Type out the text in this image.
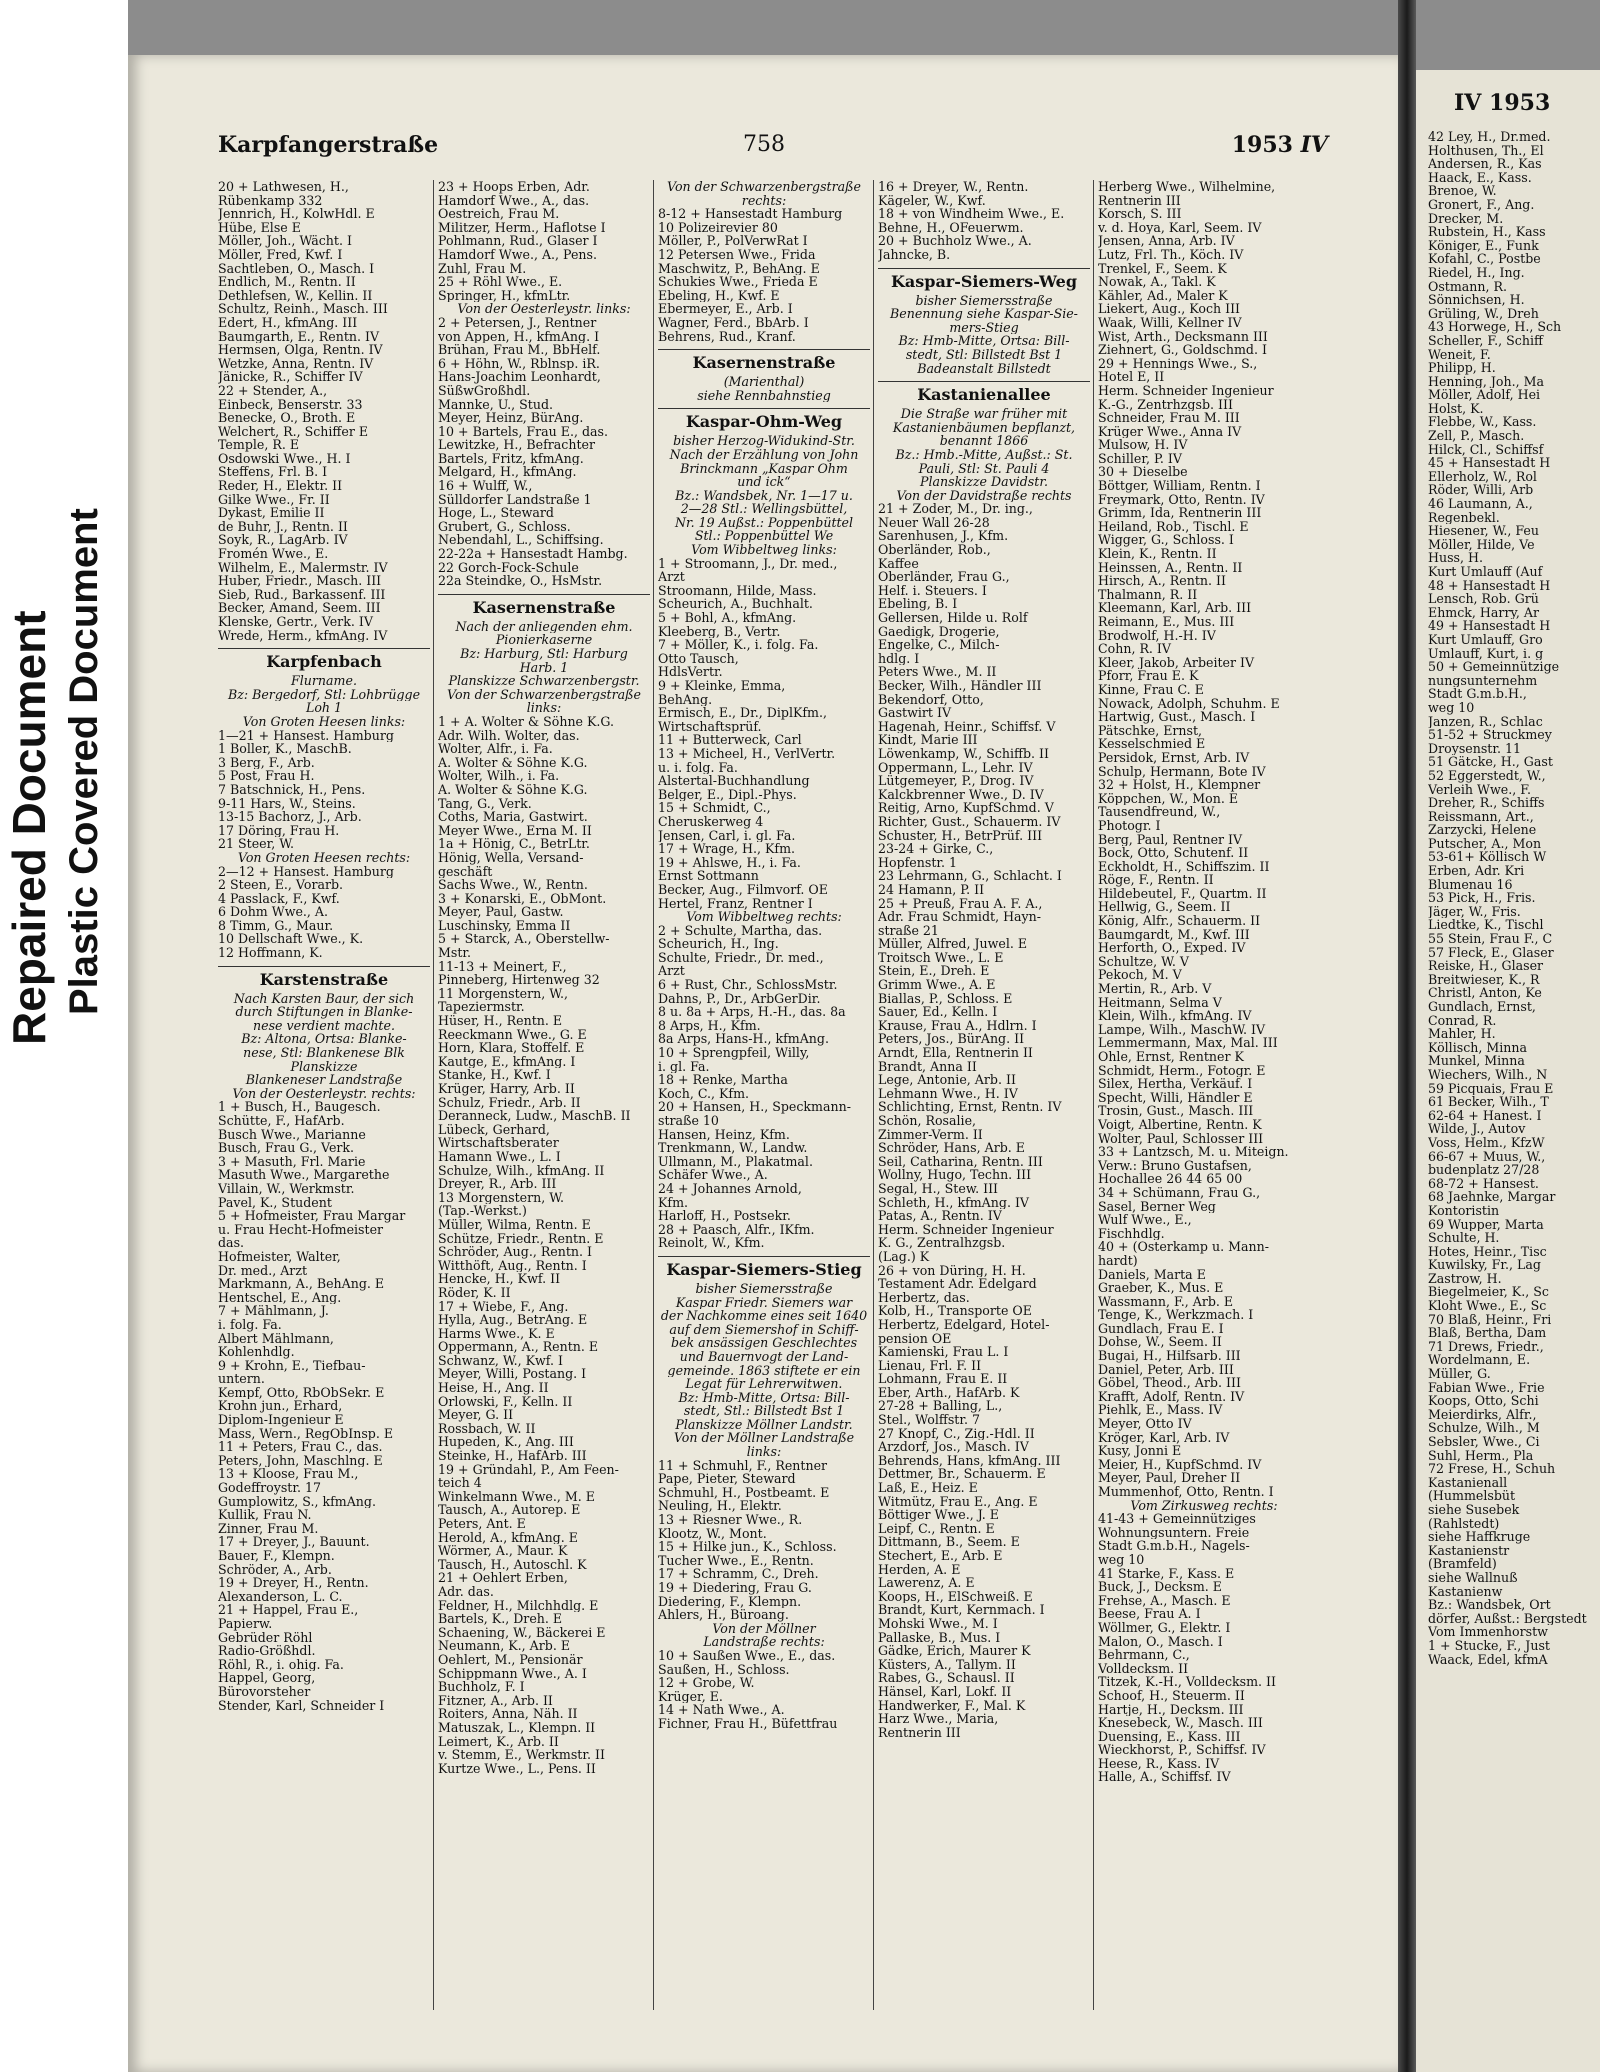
Repaired Document Plastic Covered Document
Karpfangerstraße	758	1953 IV
20 + Lathwesen, H.,
Rübenkamp 332
Jennrich, H., KolwHdl. E
Hübe, Else E
Möller, Joh., Wächt. I
Möller, Fred, Kwf. I
Sachtleben, O., Masch. I
Endlich, M., Rentn. II
Dethlefsen, W., Kellin. II
Schultz, Reinh., Masch. III
Edert, H., kfmAng. III
Baumgarth, E., Rentn. IV
Hermsen, Olga, Rentn. IV
Wetzke, Anna, Rentn. IV
Jänicke, R., Schiffer IV
22 + Stender, A.,
Einbeck, Benserstr. 33
Benecke, O., Broth. E
Welchert, R., Schiffer E
Temple, R. E
Osdowski Wwe., H. I
Steffens, Frl. B. I
Reder, H., Elektr. II
Gilke Wwe., Fr. II
Dykast, Emilie II
de Buhr, J., Rentn. II
Soyk, R., LagArb. IV
Fromén Wwe., E.
Wilhelm, E., Malermstr. IV
Huber, Friedr., Masch. III
Sieb, Rud., Barkassenf. III
Becker, Amand, Seem. III
Klenske, Gertr., Verk. IV
Wrede, Herm., kfmAng. IV
Karpfenbach
Flurname.
Bz: Bergedorf, Stl: Lohbrügge
Loh 1
Von Groten Heesen links:
1—21 + Hansest. Hamburg
1 Boller, K., MaschB.
3 Berg, F., Arb.
5 Post, Frau H.
7 Batschnick, H., Pens.
9-11 Hars, W., Steins.
13-15 Bachorz, J., Arb.
17 Döring, Frau H.
21 Steer, W.
Von Groten Heesen rechts:
2—12 + Hansest. Hamburg
2 Steen, E., Vorarb.
4 Passlack, F., Kwf.
6 Dohm Wwe., A.
8 Timm, G., Maur.
10 Dellschaft Wwe., K.
12 Hoffmann, K.
Karstenstraße
Nach Karsten Baur, der sich
durch Stiftungen in Blanke-
nese verdient machte.
Bz: Altona, Ortsa: Blanke-
nese, Stl: Blankenese Blk
Planskizze
Blankeneser Landstraße
Von der Oesterleystr. rechts:
1 + Busch, H., Baugesch.
Schütte, F., HafArb.
Busch Wwe., Marianne
Busch, Frau G., Verk.
3 + Masuth, Frl. Marie
Masuth Wwe., Margarethe
Villain, W., Werkmstr.
Pavel, K., Student
5 + Hofmeister, Frau Margar
u. Frau Hecht-Hofmeister
das.
Hofmeister, Walter,
Dr. med., Arzt
Markmann, A., BehAng. E
Hentschel, E., Ang.
7 + Mählmann, J.
i. folg. Fa.
Albert Mählmann,
Kohlenhdlg.
9 + Krohn, E., Tiefbau-
untern.
Kempf, Otto, RbObSekr. E
Krohn jun., Erhard,
Diplom-Ingenieur E
Mass, Wern., RegObInsp. E
11 + Peters, Frau C., das.
Peters, John, Maschlng. E
13 + Kloose, Frau M.,
Godeffroystr. 17
Gumplowitz, S., kfmAng.
Kullik, Frau N.
Zinner, Frau M.
17 + Dreyer, J., Bauunt.
Bauer, F., Klempn.
Schröder, A., Arb.
19 + Dreyer, H., Rentn.
Alexanderson, L. C.
21 + Happel, Frau E.,
Papierw.
Gebrüder Röhl
Radio-Größhdl.
Röhl, R., i. ohig. Fa.
Happel, Georg,
Bürovorsteher
Stender, Karl, Schneider I
23 + Hoops Erben, Adr.
Hamdorf Wwe., A., das.
Oestreich, Frau M.
Militzer, Herm., Haflotse I
Pohlmann, Rud., Glaser I
Hamdorf Wwe., A., Pens.
Zuhl, Frau M.
25 + Röhl Wwe., E.
Springer, H., kfmLtr.
Von der Oesterleystr. links:
2 + Petersen, J., Rentner
von Appen, H., kfmAng. I
Brühan, Frau M., BbHelf.
6 + Höhn, W., Rblnsp. iR.
Hans-Joachim Leonhardt,
SüßwGroßhdl.
Mannke, U., Stud.
Meyer, Heinz, BürAng.
10 + Bartels, Frau E., das.
Lewitzke, H., Befrachter
Bartels, Fritz, kfmAng.
Melgard, H., kfmAng.
16 + Wulff, W.,
Sülldorfer Landstraße 1
Hoge, L., Steward
Grubert, G., Schloss.
Nebendahl, L., Schiffsing.
22-22a + Hansestadt Hambg.
22 Gorch-Fock-Schule
22a Steindke, O., HsMstr.
Kasernenstraße
Nach der anliegenden ehm.
Pionierkaserne
Bz: Harburg, Stl: Harburg
Harb. 1
Planskizze Schwarzenbergstr.
Von der Schwarzenbergstraße
links:
1 + A. Wolter & Söhne K.G.
Adr. Wilh. Wolter, das.
Wolter, Alfr., i. Fa.
A. Wolter & Söhne K.G.
Wolter, Wilh., i. Fa.
A. Wolter & Söhne K.G.
Tang, G., Verk.
Coths, Maria, Gastwirt.
Meyer Wwe., Erna M. II
1a + Hönig, C., BetrLtr.
Hönig, Wella, Versand-
geschäft
Sachs Wwe., W., Rentn.
3 + Konarski, E., ObMont.
Meyer, Paul, Gastw.
Luschinsky, Emma II
5 + Starck, A., Oberstellw-
Mstr.
11-13 + Meinert, F.,
Pinneberg, Hirtenweg 32
11 Morgenstern, W.,
Tapeziermstr.
Hüser, H., Rentn. E
Reeckmann Wwe., G. E
Horn, Klara, Stoffelf. E
Kautge, E., kfmAng. I
Stanke, H., Kwf. I
Krüger, Harry, Arb. II
Schulz, Friedr., Arb. II
Deranneck, Ludw., MaschB. II
Lübeck, Gerhard,
Wirtschaftsberater
Hamann Wwe., L. I
Schulze, Wilh., kfmAng. II
Dreyer, R., Arb. III
13 Morgenstern, W.
(Tap.-Werkst.)
Müller, Wilma, Rentn. E
Schütze, Friedr., Rentn. E
Schröder, Aug., Rentn. I
Witthöft, Aug., Rentn. I
Hencke, H., Kwf. II
Röder, K. II
17 + Wiebe, F., Ang.
Hylla, Aug., BetrAng. E
Harms Wwe., K. E
Oppermann, A., Rentn. E
Schwanz, W., Kwf. I
Meyer, Willi, Postang. I
Heise, H., Ang. II
Orlowski, F., Kelln. II
Meyer, G. II
Rossbach, W. II
Hupeden, K., Ang. III
Steinke, H., HafArb. III
19 + Gründahl, P., Am Feen-
teich 4
Winkelmann Wwe., M. E
Tausch, A., Autorep. E
Peters, Ant. E
Herold, A., kfmAng. E
Wörmer, A., Maur. K
Tausch, H., Autoschl. K
21 + Oehlert Erben,
Adr. das.
Feldner, H., Milchhdlg. E
Bartels, K., Dreh. E
Schaening, W., Bäckerei E
Neumann, K., Arb. E
Oehlert, M., Pensionär
Schippmann Wwe., A. I
Buchholz, F. I
Fitzner, A., Arb. II
Roiters, Anna, Näh. II
Matuszak, L., Klempn. II
Leimert, K., Arb. II
v. Stemm, E., Werkmstr. II
Kurtze Wwe., L., Pens. II
Von der Schwarzenbergstraße
rechts:
8-12 + Hansestadt Hamburg
10 Polizeirevier 80
Möller, P., PolVerwRat I
12 Petersen Wwe., Frida
Maschwitz, P., BehAng. E
Schukies Wwe., Frieda E
Ebeling, H., Kwf. E
Ebermeyer, E., Arb. I
Wagner, Ferd., BbArb. I
Behrens, Rud., Kranf.
Kasernenstraße
(Marienthal)
siehe Rennbahnstieg
Kaspar-Ohm-Weg
bisher Herzog-Widukind-Str.
Nach der Erzählung von John
Brinckmann „Kaspar Ohm
und ick“
Bz.: Wandsbek, Nr. 1—17 u.
2—28 Stl.: Wellingsbüttel,
Nr. 19 Außst.: Poppenbüttel
Stl.: Poppenbüttel We
Vom Wibbeltweg links:
1 + Stroomann, J., Dr. med.,
Arzt
Stroomann, Hilde, Mass.
Scheurich, A., Buchhalt.
5 + Bohl, A., kfmAng.
Kleeberg, B., Vertr.
7 + Möller, K., i. folg. Fa.
Otto Tausch,
HdlsVertr.
9 + Kleinke, Emma,
BehAng.
Ermisch, E., Dr., DiplKfm.,
Wirtschaftsprüf.
11 + Butterweck, Carl
13 + Micheel, H., VerlVertr.
u. i. folg. Fa.
Alstertal-Buchhandlung
Belger, E., Dipl.-Phys.
15 + Schmidt, C.,
Cheruskerweg 4
Jensen, Carl, i. gl. Fa.
17 + Wrage, H., Kfm.
19 + Ahlswe, H., i. Fa.
Ernst Sottmann
Becker, Aug., Filmvorf. OE
Hertel, Franz, Rentner I
Vom Wibbeltweg rechts:
2 + Schulte, Martha, das.
Scheurich, H., Ing.
Schulte, Friedr., Dr. med.,
Arzt
6 + Rust, Chr., SchlossMstr.
Dahns, P., Dr., ArbGerDir.
8 u. 8a + Arps, H.-H., das. 8a
8 Arps, H., Kfm.
8a Arps, Hans-H., kfmAng.
10 + Sprengpfeil, Willy,
i. gl. Fa.
18 + Renke, Martha
Koch, C., Kfm.
20 + Hansen, H., Speckmann-
straße 10
Hansen, Heinz, Kfm.
Trenkmann, W., Landw.
Ullmann, M., Plakatmal.
Schäfer Wwe., A.
24 + Johannes Arnold,
Kfm.
Harloff, H., Postsekr.
28 + Paasch, Alfr., IKfm.
Reinolt, W., Kfm.
Kaspar-Siemers-Stieg
bisher Siemersstraße
Kaspar Friedr. Siemers war
der Nachkomme eines seit 1640
auf dem Siemershof in Schiff-
bek ansässigen Geschlechtes
und Bauernvogt der Land-
gemeinde. 1863 stiftete er ein
Legat für Lehrerwitwen.
Bz: Hmb-Mitte, Ortsa: Bill-
stedt, Stl.: Billstedt Bst 1
Planskizze Möllner Landstr.
Von der Möllner Landstraße
links:
11 + Schmuhl, F., Rentner
Pape, Pieter, Steward
Schmuhl, H., Postbeamt. E
Neuling, H., Elektr.
13 + Riesner Wwe., R.
Klootz, W., Mont.
15 + Hilke jun., K., Schloss.
Tucher Wwe., E., Rentn.
17 + Schramm, C., Dreh.
19 + Diedering, Frau G.
Diedering, F., Klempn.
Ahlers, H., Büroang.
Von der Möllner
Landstraße rechts:
10 + Saußen Wwe., E., das.
Saußen, H., Schloss.
12 + Grobe, W.
Krüger, E.
14 + Nath Wwe., A.
Fichner, Frau H., Büfettfrau
16 + Dreyer, W., Rentn.
Kägeler, W., Kwf.
18 + von Windheim Wwe., E.
Behne, H., OFeuerwm.
20 + Buchholz Wwe., A.
Jahncke, B.
Kaspar-Siemers-Weg
bisher Siemersstraße
Benennung siehe Kaspar-Sie-
mers-Stieg
Bz: Hmb-Mitte, Ortsa: Bill-
stedt, Stl: Billstedt Bst 1
Badeanstalt Billstedt
Kastanienallee
Die Straße war früher mit
Kastanienbäumen bepflanzt,
benannt 1866
Bz.: Hmb.-Mitte, Außst.: St.
Pauli, Stl: St. Pauli 4
Planskizze Davidstr.
Von der Davidstraße rechts
21 + Zoder, M., Dr. ing.,
Neuer Wall 26-28
Sarenhusen, J., Kfm.
Oberländer, Rob.,
Kaffee
Oberländer, Frau G.,
Helf. i. Steuers. I
Ebeling, B. I
Gellersen, Hilde u. Rolf
Gaedigk, Drogerie,
Engelke, C., Milch-
hdlg. I
Peters Wwe., M. II
Becker, Wilh., Händler III
Bekendorf, Otto,
Gastwirt IV
Hagenah, Heinr., Schiffsf. V
Kindt, Marie III
Löwenkamp, W., Schiffb. II
Oppermann, L., Lehr. IV
Lütgemeyer, P., Drog. IV
Kalckbrenner Wwe., D. IV
Reitig, Arno, KupfSchmd. V
Richter, Gust., Schauerm. IV
Schuster, H., BetrPrüf. III
23-24 + Girke, C.,
Hopfenstr. 1
23 Lehrmann, G., Schlacht. I
24 Hamann, P. II
25 + Preuß, Frau A. F. A.,
Adr. Frau Schmidt, Hayn-
straße 21
Müller, Alfred, Juwel. E
Troitsch Wwe., L. E
Stein, E., Dreh. E
Grimm Wwe., A. E
Biallas, P., Schloss. E
Sauer, Ed., Kelln. I
Krause, Frau A., Hdlrn. I
Peters, Jos., BürAng. II
Arndt, Ella, Rentnerin II
Brandt, Anna II
Lege, Antonie, Arb. II
Lehmann Wwe., H. IV
Schlichting, Ernst, Rentn. IV
Schön, Rosalie,
Zimmer-Verm. II
Schröder, Hans, Arb. E
Seil, Catharina, Rentn. III
Wollny, Hugo, Techn. III
Segal, H., Stew. III
Schleth, H., kfmAng. IV
Patas, A., Rentn. IV
Herm. Schneider Ingenieur
K. G., Zentralhzgsb.
(Lag.) K
26 + von Düring, H. H.
Testament Adr. Edelgard
Herbertz, das.
Kolb, H., Transporte OE
Herbertz, Edelgard, Hotel-
pension OE
Kamienski, Frau L. I
Lienau, Frl. F. II
Lohmann, Frau E. II
Eber, Arth., HafArb. K
27-28 + Balling, L.,
Stel., Wolffstr. 7
27 Knopf, C., Zig.-Hdl. II
Arzdorf, Jos., Masch. IV
Behrends, Hans, kfmAng. III
Dettmer, Br., Schauerm. E
Laß, E., Heiz. E
Witmütz, Frau E., Ang. E
Böttiger Wwe., J. E
Leipf, C., Rentn. E
Dittmann, B., Seem. E
Stechert, E., Arb. E
Herden, A. E
Lawerenz, A. E
Koops, H., ElSchweiß. E
Brandt, Kurt, Kernmach. I
Mohski Wwe., M. I
Pallaske, B., Mus. I
Gädke, Erich, Maurer K
Küsters, A., Tallym. II
Rabes, G., Schausl. II
Hänsel, Karl, Lokf. II
Handwerker, F., Mal. K
Harz Wwe., Maria,
Rentnerin III
Herberg Wwe., Wilhelmine,
Rentnerin III
Korsch, S. III
v. d. Hoya, Karl, Seem. IV
Jensen, Anna, Arb. IV
Lutz, Frl. Th., Köch. IV
Trenkel, F., Seem. K
Nowak, A., Takl. K
Kähler, Ad., Maler K
Liekert, Aug., Koch III
Waak, Willi, Kellner IV
Wist, Arth., Decksmann III
Ziehnert, G., Goldschmd. I
29 + Hennings Wwe., S.,
Hotel E, II
Herm. Schneider Ingenieur
K.-G., Zentrhzgsb. III
Schneider, Frau M. III
Krüger Wwe., Anna IV
Mulsow, H. IV
Schiller, P. IV
30 + Dieselbe
Böttger, William, Rentn. I
Freymark, Otto, Rentn. IV
Grimm, Ida, Rentnerin III
Heiland, Rob., Tischl. E
Wigger, G., Schloss. I
Klein, K., Rentn. II
Heinssen, A., Rentn. II
Hirsch, A., Rentn. II
Thalmann, R. II
Kleemann, Karl, Arb. III
Reimann, E., Mus. III
Brodwolf, H.-H. IV
Cohn, R. IV
Kleer, Jakob, Arbeiter IV
Pforr, Frau E. K
Kinne, Frau C. E
Nowack, Adolph, Schuhm. E
Hartwig, Gust., Masch. I
Pätschke, Ernst,
Kesselschmied E
Persidok, Ernst, Arb. IV
Schulp, Hermann, Bote IV
32 + Holst, H., Klempner
Köppchen, W., Mon. E
Tausendfreund, W.,
Photogr. I
Berg, Paul, Rentner IV
Bock, Otto, Schutenf. II
Eckholdt, H., Schiffszim. II
Röge, F., Rentn. II
Hildebeutel, F., Quartm. II
Hellwig, G., Seem. II
König, Alfr., Schauerm. II
Baumgardt, M., Kwf. III
Herforth, O., Exped. IV
Schultze, W. V
Pekoch, M. V
Mertin, R., Arb. V
Heitmann, Selma V
Klein, Wilh., kfmAng. IV
Lampe, Wilh., MaschW. IV
Lemmermann, Max, Mal. III
Ohle, Ernst, Rentner K
Schmidt, Herm., Fotogr. E
Silex, Hertha, Verkäuf. I
Specht, Willi, Händler E
Trosin, Gust., Masch. III
Voigt, Albertine, Rentn. K
Wolter, Paul, Schlosser III
33 + Lantzsch, M. u. Miteign.
Verw.: Bruno Gustafsen,
Hochallee 26 44 65 00
34 + Schümann, Frau G.,
Sasel, Berner Weg
Wulf Wwe., E.,
Fischhdlg.
40 + (Osterkamp u. Mann-
hardt)
Daniels, Marta E
Graeber, K., Mus. E
Wassmann, F., Arb. E
Tenge, K., Werkzmach. I
Gundlach, Frau E. I
Dohse, W., Seem. II
Bugai, H., Hilfsarb. III
Daniel, Peter, Arb. III
Göbel, Theod., Arb. III
Krafft, Adolf, Rentn. IV
Piehlk, E., Mass. IV
Meyer, Otto IV
Kröger, Karl, Arb. IV
Kusy, Jonni E
Meier, H., KupfSchmd. IV
Meyer, Paul, Dreher II
Mummenhof, Otto, Rentn. I
Vom Zirkusweg rechts:
41-43 + Gemeinnütziges
Wohnungsuntern. Freie
Stadt G.m.b.H., Nagels-
weg 10
41 Starke, F., Kass. E
Buck, J., Decksm. E
Frehse, A., Masch. E
Beese, Frau A. I
Wöllmer, G., Elektr. I
Malon, O., Masch. I
Behrmann, C.,
Volldecksm. II
Titzek, K.-H., Volldecksm. II
Schoof, H., Steuerm. II
Hartje, H., Decksm. III
Knesebeck, W., Masch. III
Duensing, E., Kass. III
Wieckhorst, P., Schiffsf. IV
Heese, R., Kass. IV
Halle, A., Schiffsf. IV
IV 1953
42 Ley, H., Dr.med.
Holthusen, Th., El
Andersen, R., Kas
Haack, E., Kass.
Brenoe, W.
Gronert, F., Ang.
Drecker, M.
Rubstein, H., Kass
Königer, E., Funk
Kofahl, C., Postbe
Riedel, H., Ing.
Ostmann, R.
Sönnichsen, H.
Grüling, W., Dreh
43 Horwege, H., Sch
Scheller, F., Schiff
Weneit, F.
Philipp, H.
Henning, Joh., Ma
Möller, Adolf, Hei
Holst, K.
Flebbe, W., Kass.
Zell, P., Masch.
Hilck, Cl., Schiffsf
45 + Hansestadt H
Ellerholz, W., Rol
Röder, Willi, Arb
46 Laumann, A.,
Regenbekl.
Hiesener, W., Feu
Möller, Hilde, Ve
Huss, H.
Kurt Umlauff (Auf
48 + Hansestadt H
Lensch, Rob. Grü
Ehmck, Harry, Ar
49 + Hansestadt H
Kurt Umlauff, Gro
Umlauff, Kurt, i. g
50 + Gemeinnützige
nungsunternehm
Stadt G.m.b.H.,
weg 10
Janzen, R., Schlac
51-52 + Struckmey
Droysenstr. 11
51 Gätcke, H., Gast
52 Eggerstedt, W.,
Verleih Wwe., F.
Dreher, R., Schiffs
Reissmann, Art.,
Zarzycki, Helene
Putscher, A., Mon
53-61+ Köllisch W
Erben, Adr. Kri
Blumenau 16
53 Pick, H., Fris.
Jäger, W., Fris.
Liedtke, K., Tischl
55 Stein, Frau F., C
57 Fleck, E., Glaser
Reiske, H., Glaser
Breitwieser, K., R
Christl, Anton, Ke
Gundlach, Ernst,
Conrad, R.
Mahler, H.
Köllisch, Minna
Munkel, Minna
Wiechers, Wilh., N
59 Picquais, Frau E
61 Becker, Wilh., T
62-64 + Hanest. I
Wilde, J., Autov
Voss, Helm., KfzW
66-67 + Muus, W.,
budenplatz 27/28
68-72 + Hansest.
68 Jaehnke, Margar
Kontoristin
69 Wupper, Marta
Schulte, H.
Hotes, Heinr., Tisc
Kuwilsky, Fr., Lag
Zastrow, H.
Biegelmeier, K., Sc
Kloht Wwe., E., Sc
70 Blaß, Heinr., Fri
Blaß, Bertha, Dam
71 Drews, Friedr.,
Wordelmann, E.
Müller, G.
Fabian Wwe., Frie
Koops, Otto, Schi
Meierdirks, Alfr.,
Schulze, Wilh., M
Sebsler, Wwe., Ci
Suhl, Herm., Pla
72 Frese, H., Schuh
Kastanienall
(Hummelsbüt
siehe Susebek
(Rahlstedt)
siehe Haffkruge
Kastanienstr
(Bramfeld)
siehe Wallnuß
Kastanienw
Bz.: Wandsbek, Ort
dörfer, Außst.: Bergstedt
Vom Immenhorstw
1 + Stucke, F., Just
Waack, Edel, kfmA
